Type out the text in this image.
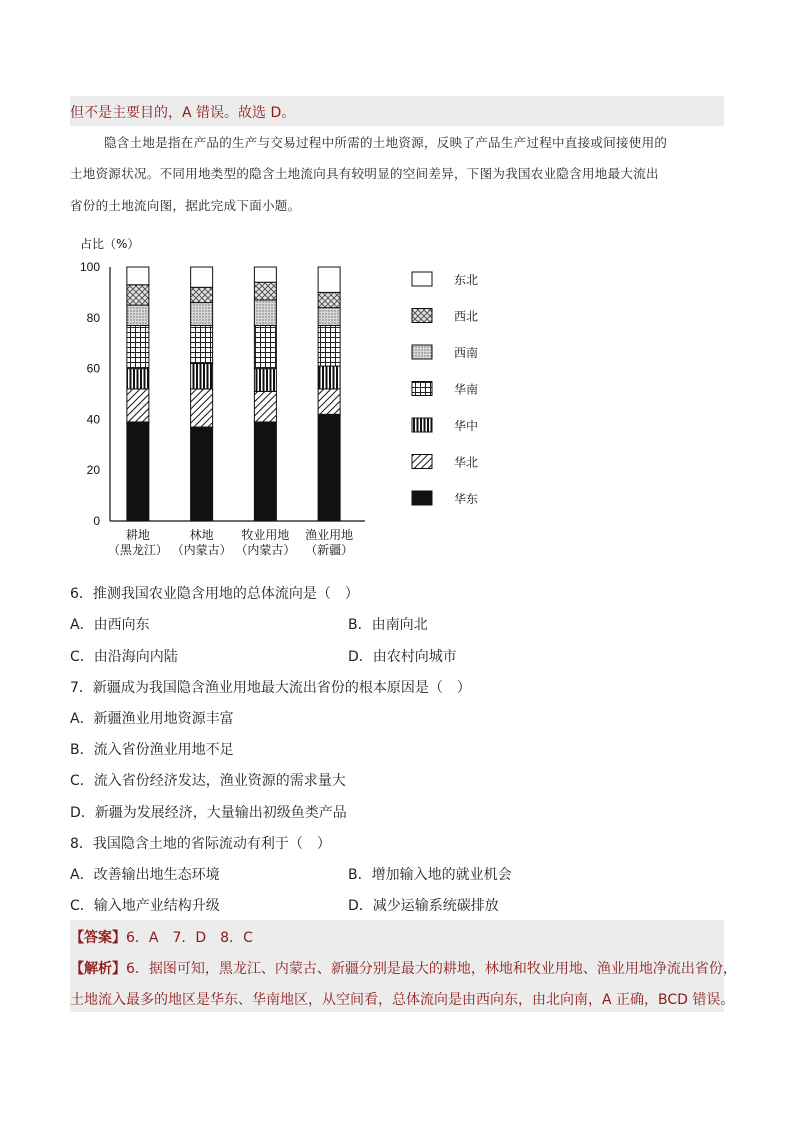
但不是主要目的，A 错误。故选 D。
隐含土地是指在产品的生产与交易过程中所需的土地资源，反映了产品生产过程中直接或间接使用的
土地资源状况。不同用地类型的隐含土地流向具有较明显的空间差异，下图为我国农业隐含用地最大流出
省份的土地流向图，据此完成下面小题。
占比（%）
0
20
40
60
80
100
耕地
（黑龙江）
林地
（内蒙古）
牧业用地
（内蒙古）
渔业用地
（新疆）
东北
西北
西南
华南
华中
华北
华东
6．推测我国农业隐含用地的总体流向是（　）
A．由西向东	B．由南向北
C．由沿海向内陆	D．由农村向城市
7．新疆成为我国隐含渔业用地最大流出省份的根本原因是（　）
A．新疆渔业用地资源丰富
B．流入省份渔业用地不足
C．流入省份经济发达，渔业资源的需求量大
D．新疆为发展经济，大量输出初级鱼类产品
8．我国隐含土地的省际流动有利于（　）
A．改善输出地生态环境	B．增加输入地的就业机会
C．输入地产业结构升级	D．减少运输系统碳排放
【答案】6．A　7．D　8．C
【解析】6．据图可知，黑龙江、内蒙古、新疆分别是最大的耕地，林地和牧业用地、渔业用地净流出省份，
土地流入最多的地区是华东、华南地区，从空间看，总体流向是由西向东，由北向南，A 正确，BCD 错误。
